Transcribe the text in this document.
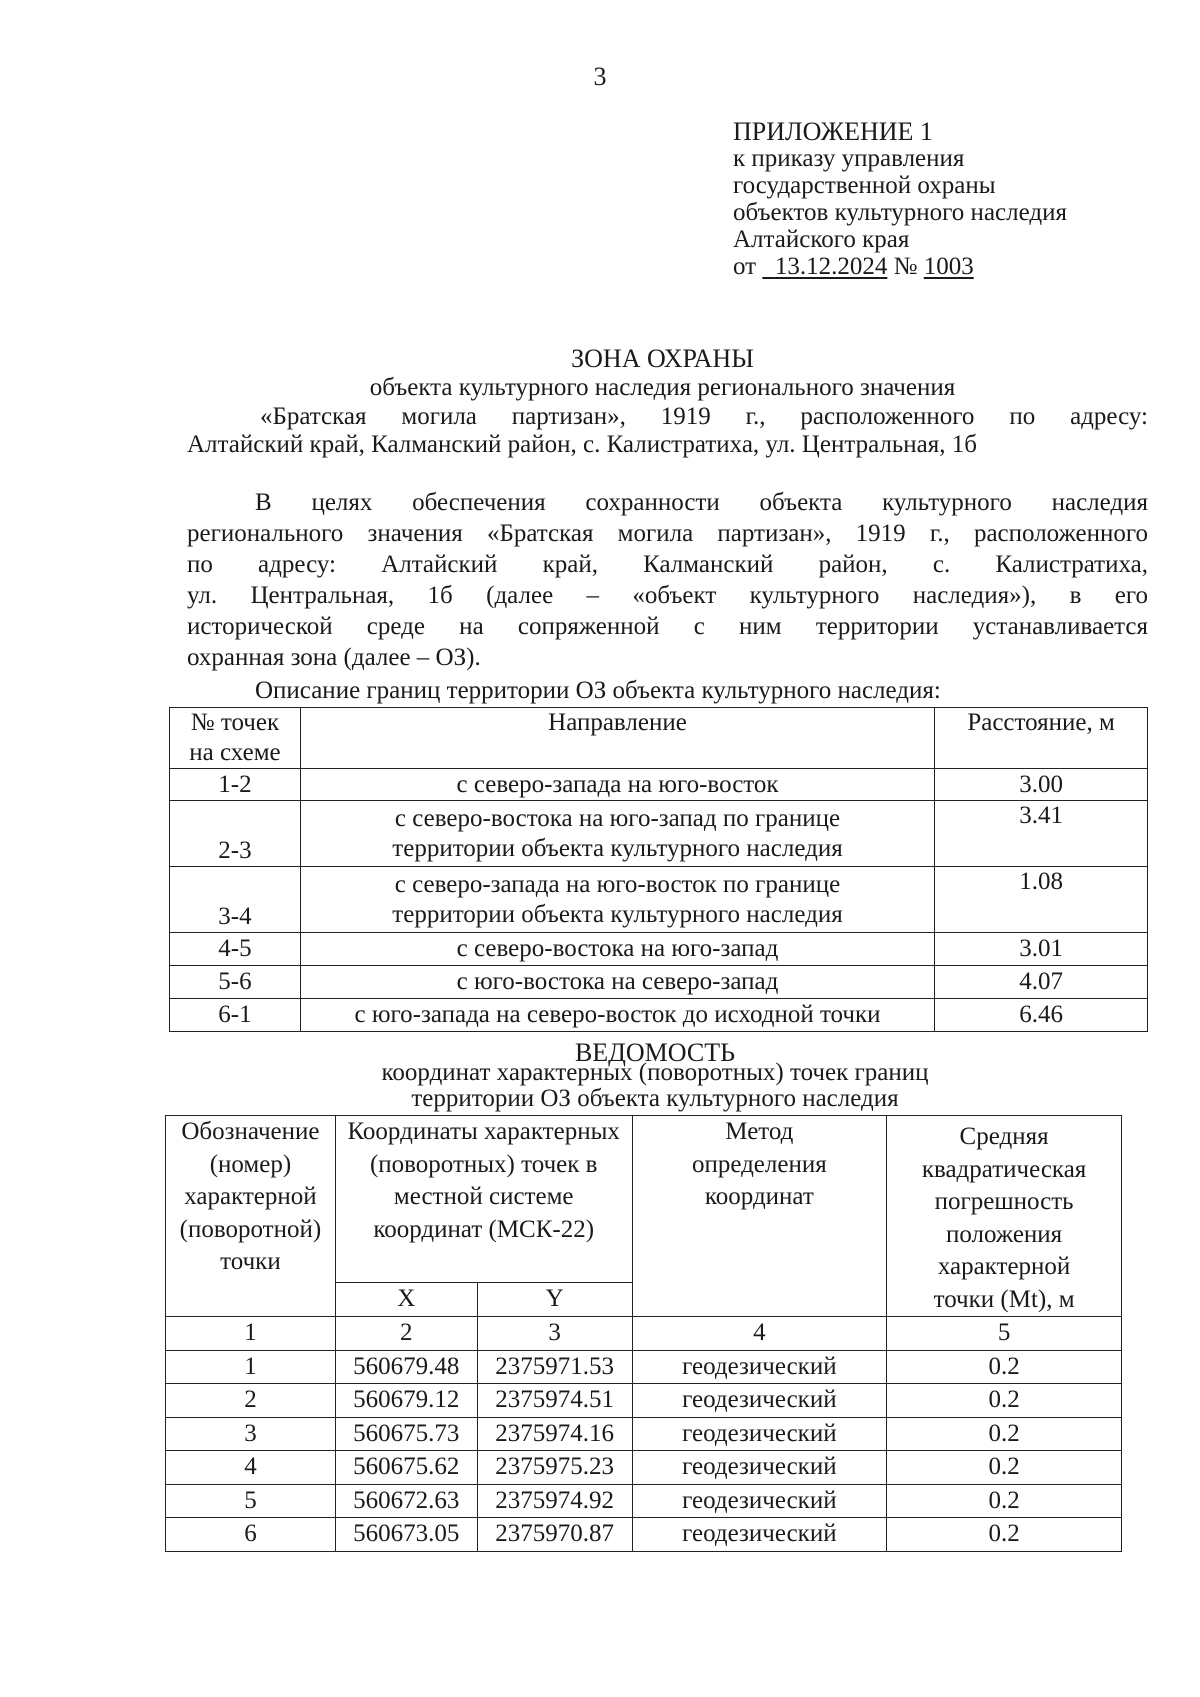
3
ПРИЛОЖЕНИЕ 1
к приказу управления
государственной охраны
объектов культурного наследия
Алтайского края
от 13.12.2024 № 1003
ЗОНА ОХРАНЫ
объекта культурного наследия регионального значения
«Братская могила партизан», 1919 г., расположенного по адресу:
Алтайский край, Калманский район, с. Калистратиха, ул. Центральная, 1б
В целях обеспечения сохранности объекта культурного наследия
регионального значения «Братская могила партизан», 1919 г., расположенного
по адресу: Алтайский край, Калманский район, с. Калистратиха,
ул. Центральная, 1б (далее – «объект культурного наследия»), в его
исторической среде на сопряженной с ним территории устанавливается
охранная зона (далее – ОЗ).
Описание границ территории ОЗ объекта культурного наследия:
№ точек на схеме	Направление	Расстояние, м
1-2	с северо-запада на юго-восток	3.00
2-3	с северо-востока на юго-запад по границе территории объекта культурного наследия	3.41
3-4	с северо-запада на юго-восток по границе территории объекта культурного наследия	1.08
4-5	с северо-востока на юго-запад	3.01
5-6	с юго-востока на северо-запад	4.07
6-1	с юго-запада на северо-восток до исходной точки	6.46
ВЕДОМОСТЬ
координат характерных (поворотных) точек границ
территории ОЗ объекта культурного наследия
Обозначение (номер) характерной (поворотной) точки	Координаты характерных (поворотных) точек в местной системе координат (МСК-22)		Метод определения координат	Средняя квадратическая погрешность положения характерной точки (Mt), м
	X	Y		
1	2	3	4	5
1	560679.48	2375971.53	геодезический	0.2
2	560679.12	2375974.51	геодезический	0.2
3	560675.73	2375974.16	геодезический	0.2
4	560675.62	2375975.23	геодезический	0.2
5	560672.63	2375974.92	геодезический	0.2
6	560673.05	2375970.87	геодезический	0.2
